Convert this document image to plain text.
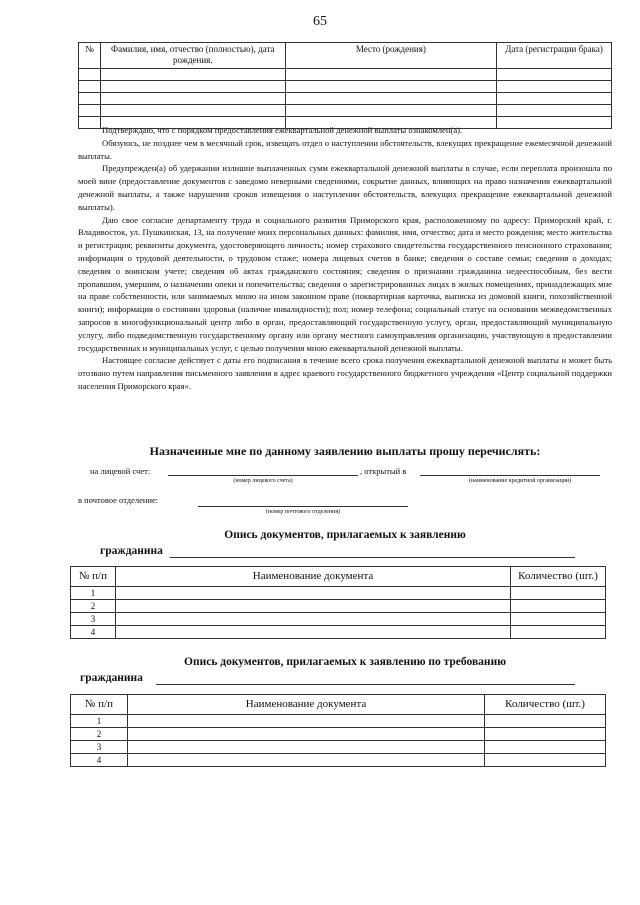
65
№	Фамилия, имя, отчество (полностью), дата рождения.	Место (рождения)	Дата (регистрации брака)

Подтверждаю, что с порядком предоставления ежеквартальной денежной выплаты ознакомлен(а).

Обязуюсь, не позднее чем в месячный срок, извещать отдел о наступлении обстоятельств, влекущих прекращение ежемесячной денежной выплаты.

Предупрежден(а) об удержании излишне выплаченных сумм ежеквартальной денежной выплаты в случае, если переплата произошла по моей вине (предоставление документов с заведомо неверными сведениями, сокрытие данных, влияющих на право назначения ежеквартальной денежной выплаты, а также нарушения сроков извещения о наступлении обстоятельств, влекущих прекращение ежеквартальной денежной выплаты).

Даю свое согласие департаменту труда и социального развития Приморского края, расположенному по адресу: Приморский край, г. Владивосток, ул. Пушкинская, 13, на получение моих персональных данных: фамилия, имя, отчество; дата и место рождения; место жительства и регистрация; реквизиты документа, удостоверяющего личность; номер страхового свидетельства государственного пенсионного страхования; информация о трудовой деятельности, о трудовом стаже; номера лицевых счетов в банке; сведения о составе семьи; сведения о доходах; сведения о воинском учете; сведения об актах гражданского состояния; сведения о признании гражданина недееспособным, без вести пропавшим, умершим, о назначении опеки и попечительства; сведения о зарегистрированных лицах в жилых помещениях, принадлежащих мне на праве собственности, или занимаемых мною на ином законном праве (поквартирная карточка, выписка из домовой книги, похозяйственной книги); информация о состоянии здоровья (наличие инвалидности); пол; номер телефона; социальный статус на основании межведомственных запросов в многофункциональный центр либо в орган, предоставляющий государственную услугу, орган, предоставляющий муниципальную услугу, либо подведомственную государственному органу или органу местного самоуправления организацию, участвующую в предоставлении государственных и муниципальных услуг, с целью получения мною ежеквартальной денежной выплаты.

Настоящее согласие действует с даты его подписания в течение всего срока получения ежеквартальной денежной выплаты и может быть отозвано путем направления письменного заявления в адрес краевого государственного бюджетного учреждения «Центр социальной поддержки населения Приморского края».

Назначенные мне по данному заявлению выплаты прошу перечислять:
на лицевой счет:	, открытый в
(номер лицевого счета)	(наименование кредитной организации)
в почтовое отделение:
(номер почтового отделения)
Опись документов, прилагаемых к заявлению
гражданина
№ п/п	Наименование документа	Количество (шт.)
1		
2		
3		
4		
Опись документов, прилагаемых к заявлению по требованию
гражданина
№ п/п	Наименование документа	Количество (шт.)
1		
2		
3		
4		
